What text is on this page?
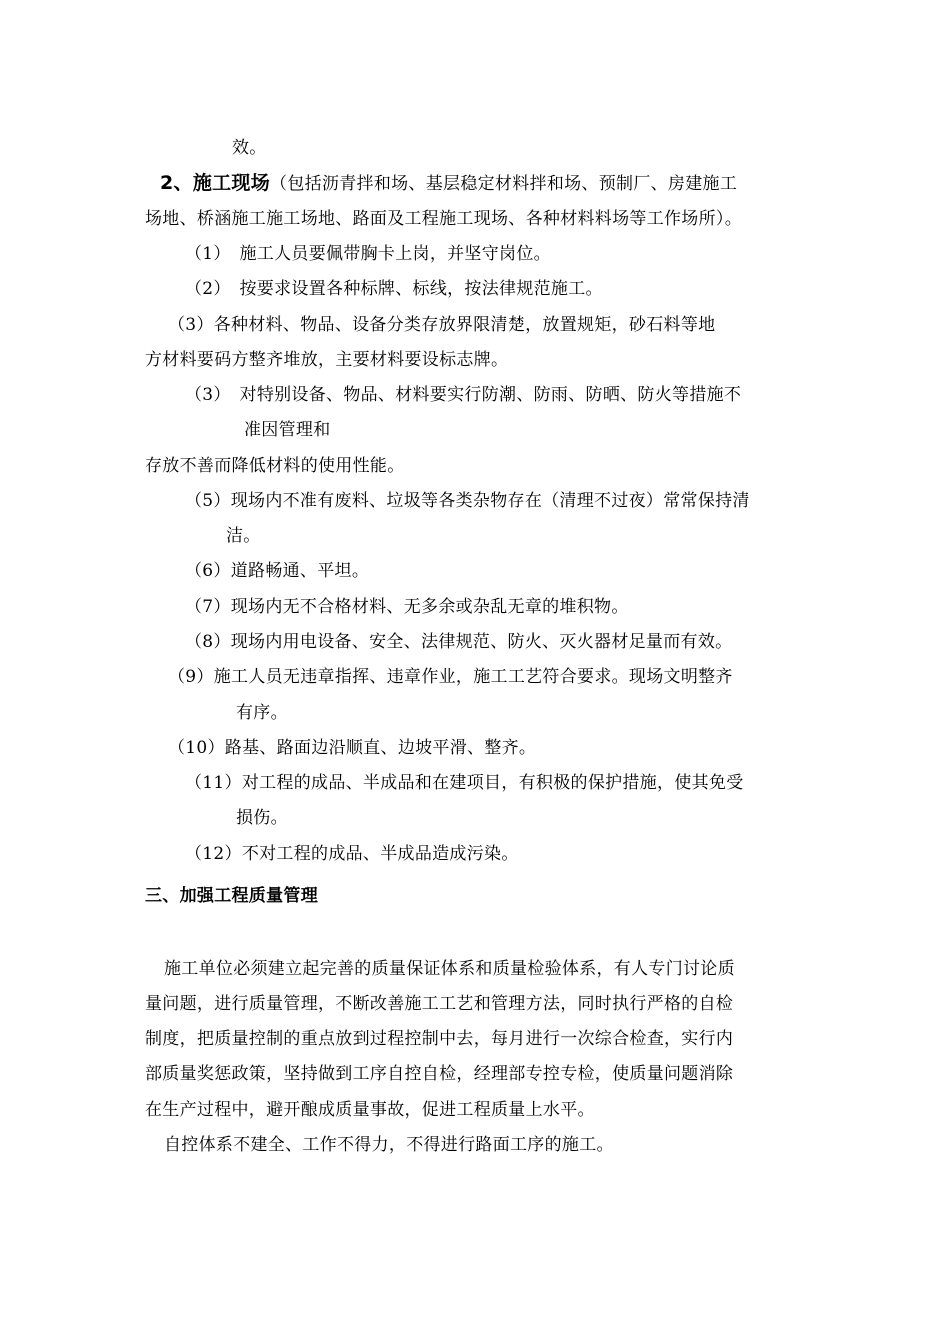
效。
2、施工现场（包括沥青拌和场、基层稳定材料拌和场、预制厂、房建施工
场地、桥涵施工施工场地、路面及工程施工现场、各种材料料场等工作场所）。
（1）　施工人员要佩带胸卡上岗，并坚守岗位。
（2）　按要求设置各种标牌、标线，按法律规范施工。
（3）各种材料、物品、设备分类存放界限清楚，放置规矩，砂石料等地
方材料要码方整齐堆放，主要材料要设标志牌。
（3）　对特别设备、物品、材料要实行防潮、防雨、防晒、防火等措施不
准因管理和
存放不善而降低材料的使用性能。
（5）现场内不准有废料、垃圾等各类杂物存在（清理不过夜）常常保持清
洁。
（6）道路畅通、平坦。
（7）现场内无不合格材料、无多余或杂乱无章的堆积物。
（8）现场内用电设备、安全、法律规范、防火、灭火器材足量而有效。
（9）施工人员无违章指挥、违章作业，施工工艺符合要求。现场文明整齐
有序。
（10）路基、路面边沿顺直、边坡平滑、整齐。
（11）对工程的成品、半成品和在建项目，有积极的保护措施，使其免受
损伤。
（12）不对工程的成品、半成品造成污染。
三、加强工程质量管理
施工单位必须建立起完善的质量保证体系和质量检验体系，有人专门讨论质
量问题，进行质量管理，不断改善施工工艺和管理方法，同时执行严格的自检
制度，把质量控制的重点放到过程控制中去，每月进行一次综合检查，实行内
部质量奖惩政策，坚持做到工序自控自检，经理部专控专检，使质量问题消除
在生产过程中，避开酿成质量事故，促进工程质量上水平。
自控体系不建全、工作不得力，不得进行路面工序的施工。
